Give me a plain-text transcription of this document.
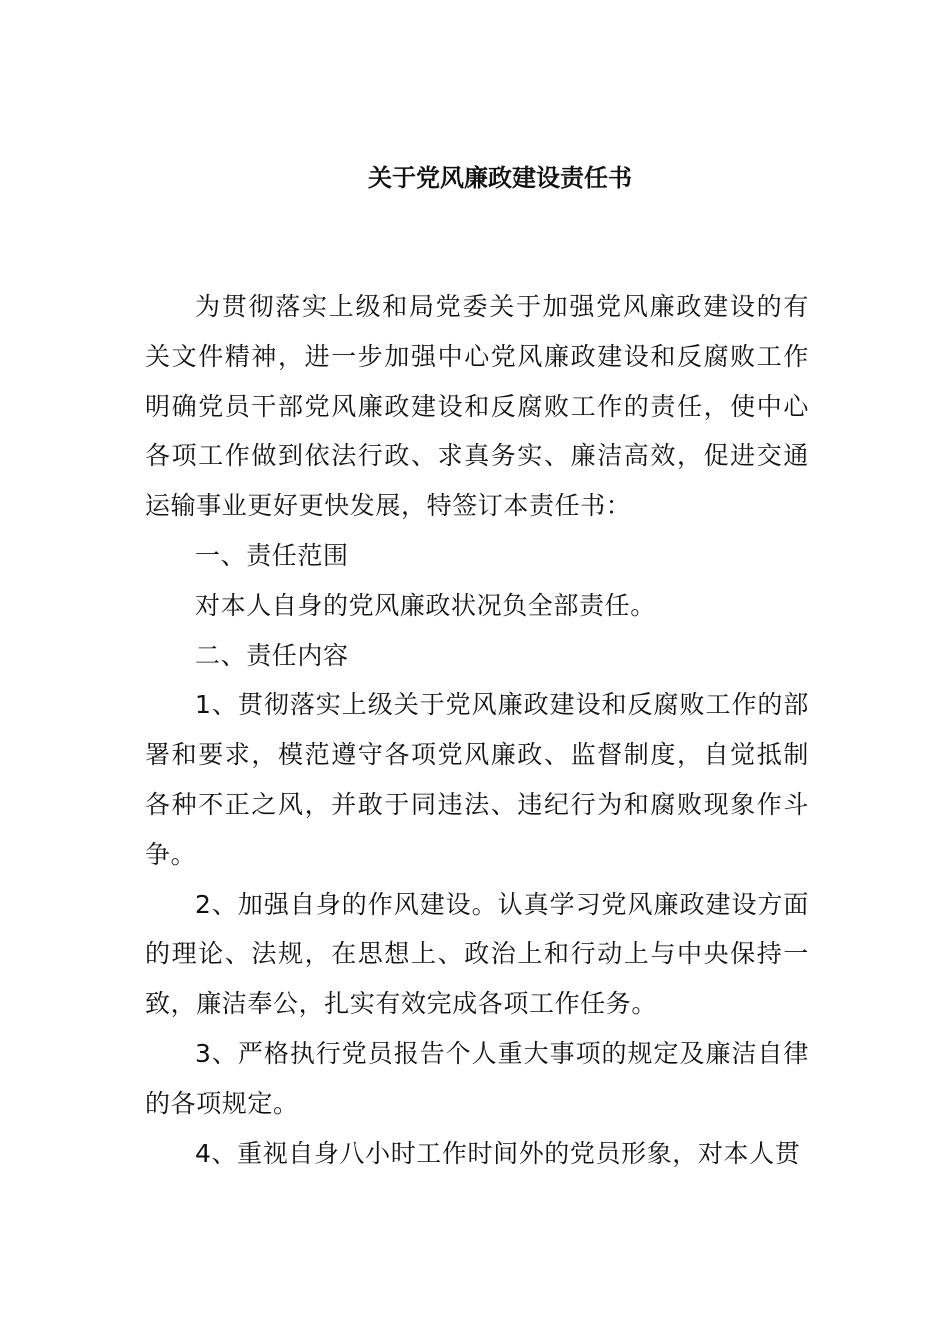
关于党风廉政建设责任书

为贯彻落实上级和局党委关于加强党风廉政建设的有关文件精神，进一步加强中心党风廉政建设和反腐败工作明确党员干部党风廉政建设和反腐败工作的责任，使中心各项工作做到依法行政、求真务实、廉洁高效，促进交通运输事业更好更快发展，特签订本责任书：

一、责任范围

对本人自身的党风廉政状况负全部责任。

二、责任内容

1、贯彻落实上级关于党风廉政建设和反腐败工作的部署和要求，模范遵守各项党风廉政、监督制度，自觉抵制各种不正之风，并敢于同违法、违纪行为和腐败现象作斗争。

2、加强自身的作风建设。认真学习党风廉政建设方面的理论、法规，在思想上、政治上和行动上与中央保持一致，廉洁奉公，扎实有效完成各项工作任务。

3、严格执行党员报告个人重大事项的规定及廉洁自律的各项规定。

4、重视自身八小时工作时间外的党员形象，对本人贯
